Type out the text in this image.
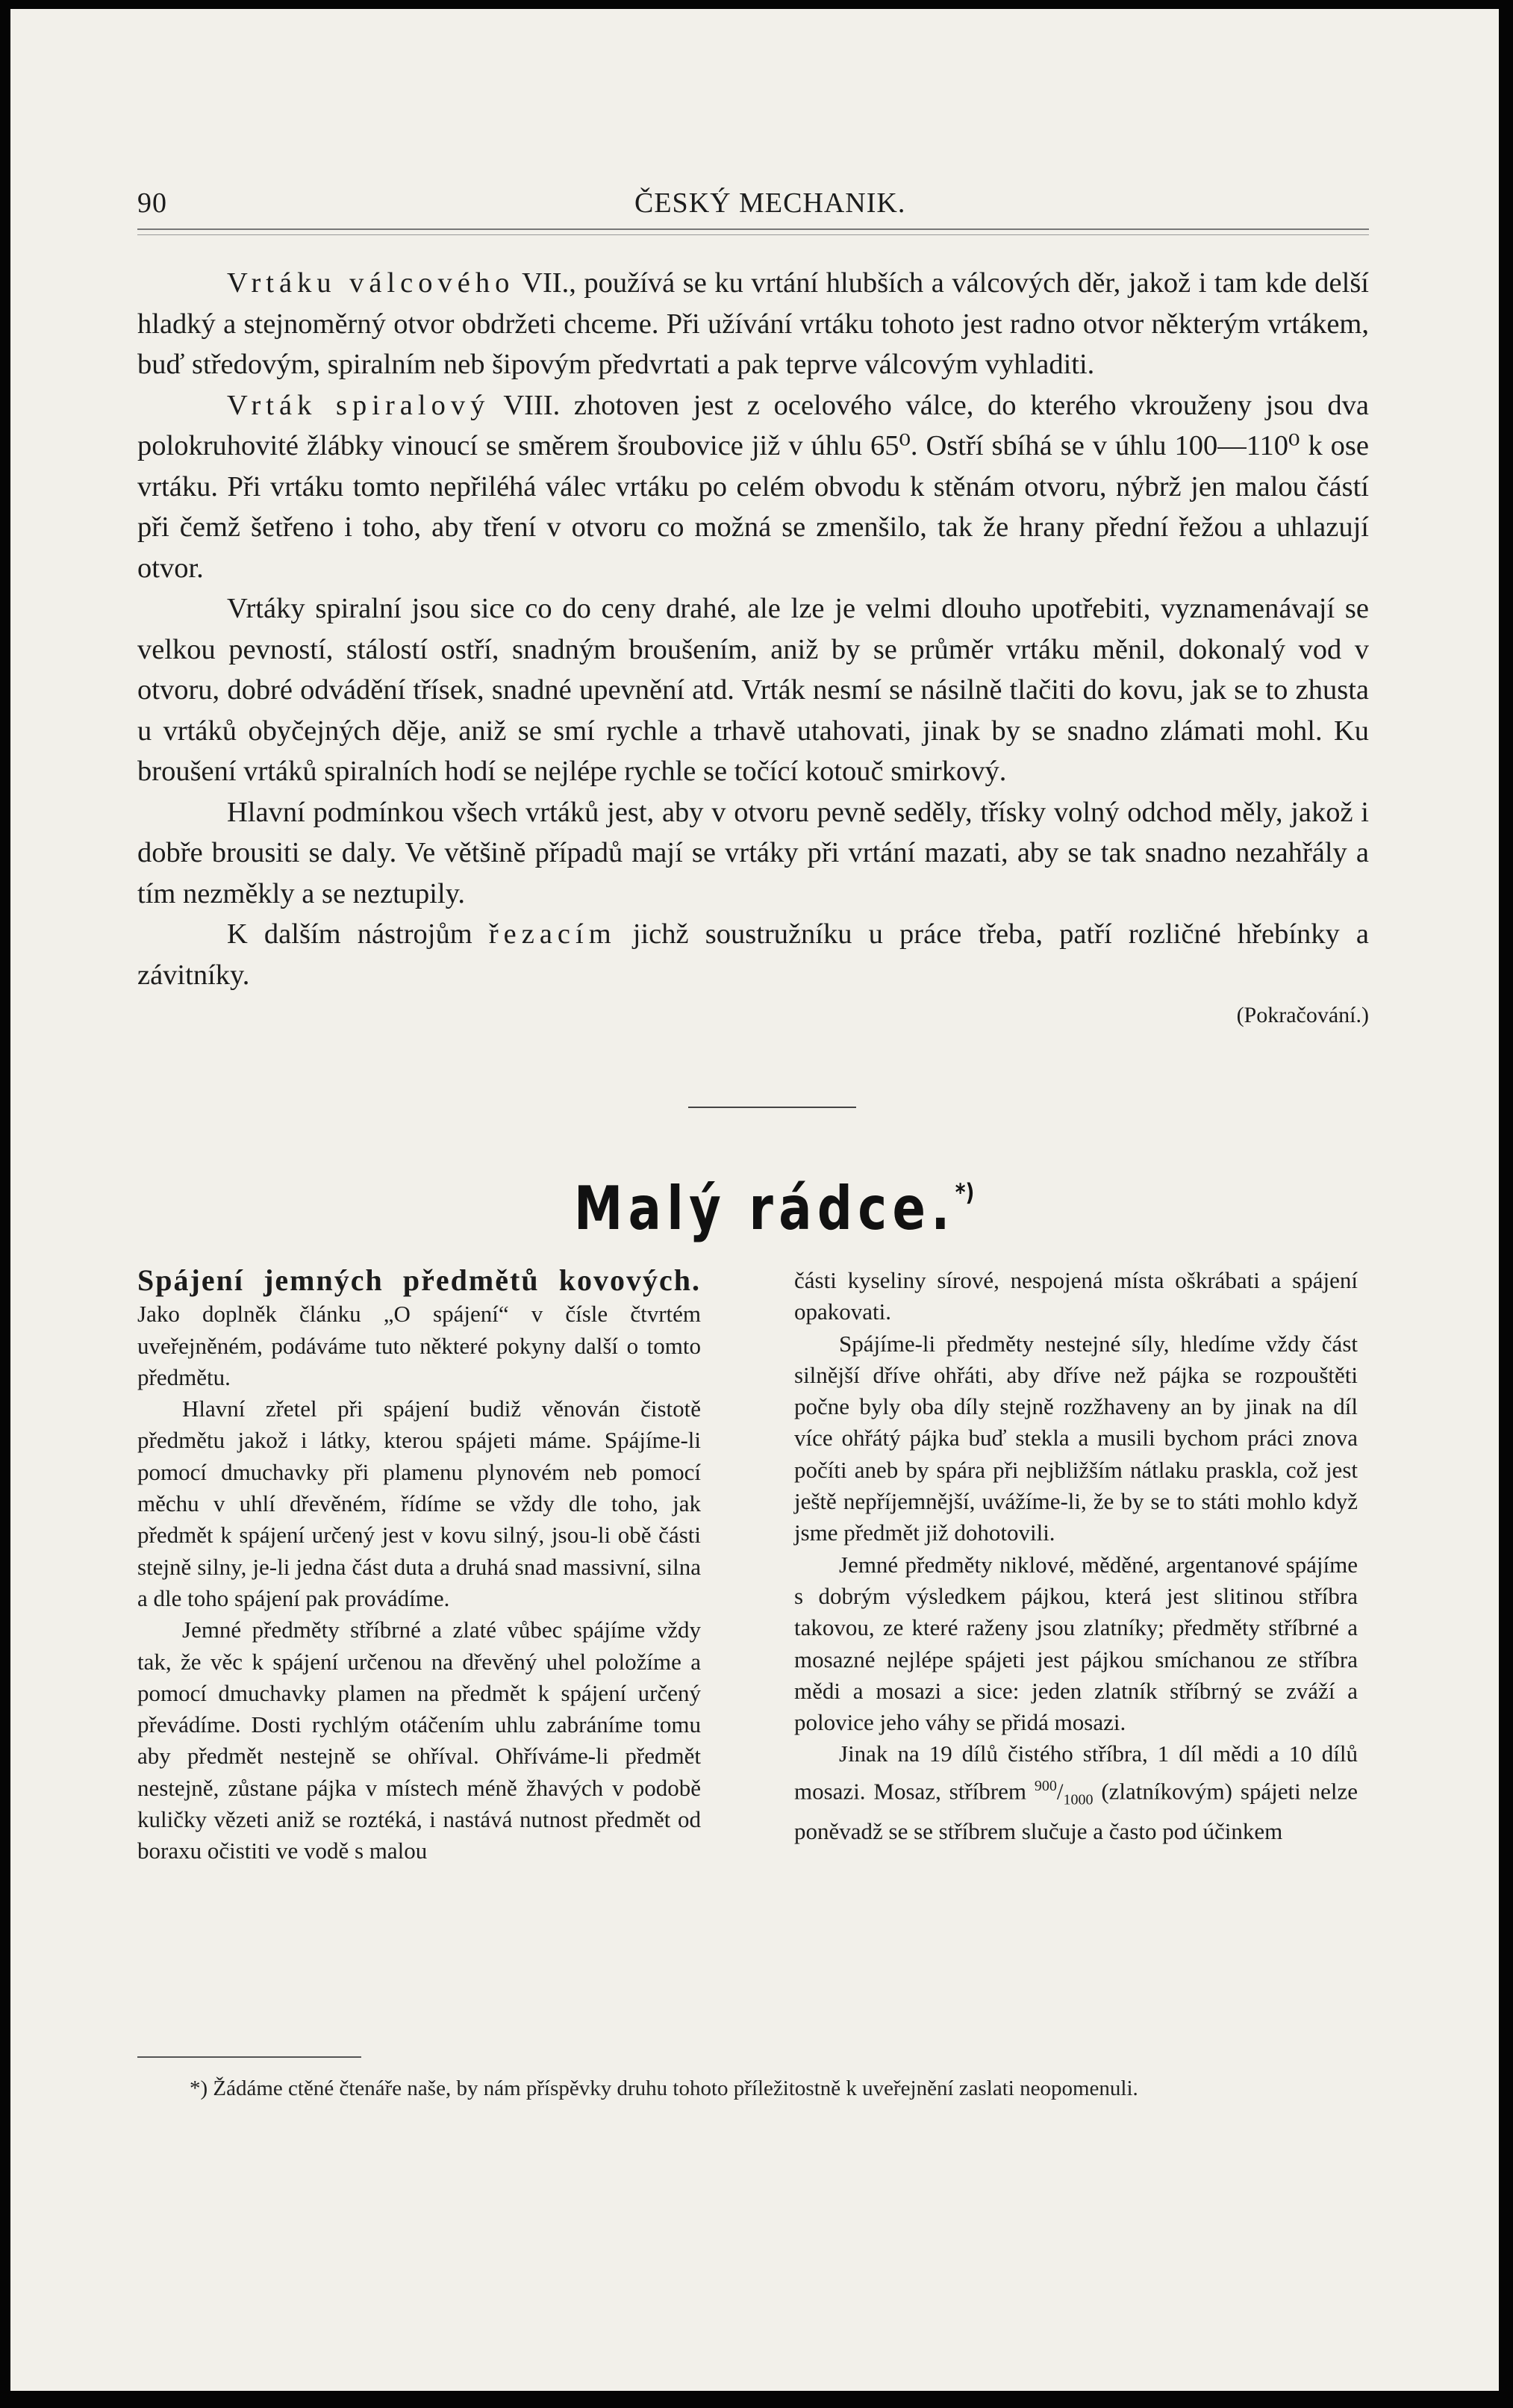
90	ČESKÝ MECHANIK.

Vrtáku válcového VII., používá se ku vrtání hlubších a válcových děr, jakož i tam kde delší hladký a stejnoměrný otvor obdržeti chceme. Při užívání vrtáku tohoto jest radno otvor některým vrtákem, buď středovým, spiralním neb šipovým předvrtati a pak teprve válcovým vyhladiti.

Vrták spiralový VIII. zhotoven jest z ocelového válce, do kterého vkrouženy jsou dva polokruhovité žlábky vinoucí se směrem šroubovice již v úhlu 65⁰. Ostří sbíhá se v úhlu 100—110⁰ k ose vrtáku. Při vrtáku tomto nepřiléhá válec vrtáku po celém obvodu k stěnám otvoru, nýbrž jen malou částí při čemž šetřeno i toho, aby tření v otvoru co možná se zmenšilo, tak že hrany přední řežou a uhlazují otvor.

Vrtáky spiralní jsou sice co do ceny drahé, ale lze je velmi dlouho upotřebiti, vyznamenávají se velkou pevností, stálostí ostří, snadným broušením, aniž by se průměr vrtáku měnil, dokonalý vod v otvoru, dobré odvádění třísek, snadné upevnění atd. Vrták nesmí se násilně tlačiti do kovu, jak se to zhusta u vrtáků obyčejných děje, aniž se smí rychle a trhavě utahovati, jinak by se snadno zlámati mohl. Ku broušení vrtáků spiralních hodí se nejlépe rychle se točící kotouč smirkový.

Hlavní podmínkou všech vrtáků jest, aby v otvoru pevně seděly, třísky volný odchod měly, jakož i dobře brousiti se daly. Ve většině případů mají se vrtáky při vrtání mazati, aby se tak snadno nezahřály a tím nezměkly a se neztupily.

K dalším nástrojům řezacím jichž soustružníku u práce třeba, patří rozličné hřebínky a závitníky.

(Pokračování.)
Malý rádce.*)

Spájení jemných předmětů kovových. Jako doplněk článku „O spájení“ v čísle čtvrtém uveřejněném, podáváme tuto některé pokyny další o tomto předmětu.

Hlavní zřetel při spájení budiž věnován čistotě předmětu jakož i látky, kterou spájeti máme. Spájíme-li pomocí dmuchavky při plamenu plynovém neb pomocí měchu v uhlí dřevěném, řídíme se vždy dle toho, jak předmět k spájení určený jest v kovu silný, jsou-li obě části stejně silny, je-li jedna část duta a druhá snad massivní, silna a dle toho spájení pak provádíme.

Jemné předměty stříbrné a zlaté vůbec spájíme vždy tak, že věc k spájení určenou na dřevěný uhel položíme a pomocí dmuchavky plamen na předmět k spájení určený převádíme. Dosti rychlým otáčením uhlu zabráníme tomu aby předmět nestejně se ohříval. Ohříváme-li předmět nestejně, zůstane pájka v místech méně žhavých v podobě kuličky vězeti aniž se roztéká, i nastává nutnost předmět od boraxu očistiti ve vodě s malou

části kyseliny sírové, nespojená místa oškrábati a spájení opakovati.

Spájíme-li předměty nestejné síly, hledíme vždy část silnější dříve ohřáti, aby dříve než pájka se rozpouštěti počne byly oba díly stejně rozžhaveny an by jinak na díl více ohřátý pájka buď stekla a musili bychom práci znova počíti aneb by spára při nejbližším nátlaku praskla, což jest ještě nepříjemnější, uvážíme-li, že by se to státi mohlo když jsme předmět již dohotovili.

Jemné předměty niklové, měděné, argentanové spájíme s dobrým výsledkem pájkou, která jest slitinou stříbra takovou, ze které raženy jsou zlatníky; předměty stříbrné a mosazné nejlépe spájeti jest pájkou smíchanou ze stříbra mědi a mosazi a sice: jeden zlatník stříbrný se zváží a polovice jeho váhy se přidá mosazi.

Jinak na 19 dílů čistého stříbra, 1 díl mědi a 10 dílů mosazi. Mosaz, stříbrem $^{900}/_{1000}$ (zlatníkovým) spájeti nelze poněvadž se se stříbrem slučuje a často pod účinkem

*) Žádáme ctěné čtenáře naše, by nám příspěvky druhu tohoto příležitostně k uveřejnění zaslati neopomenuli.
